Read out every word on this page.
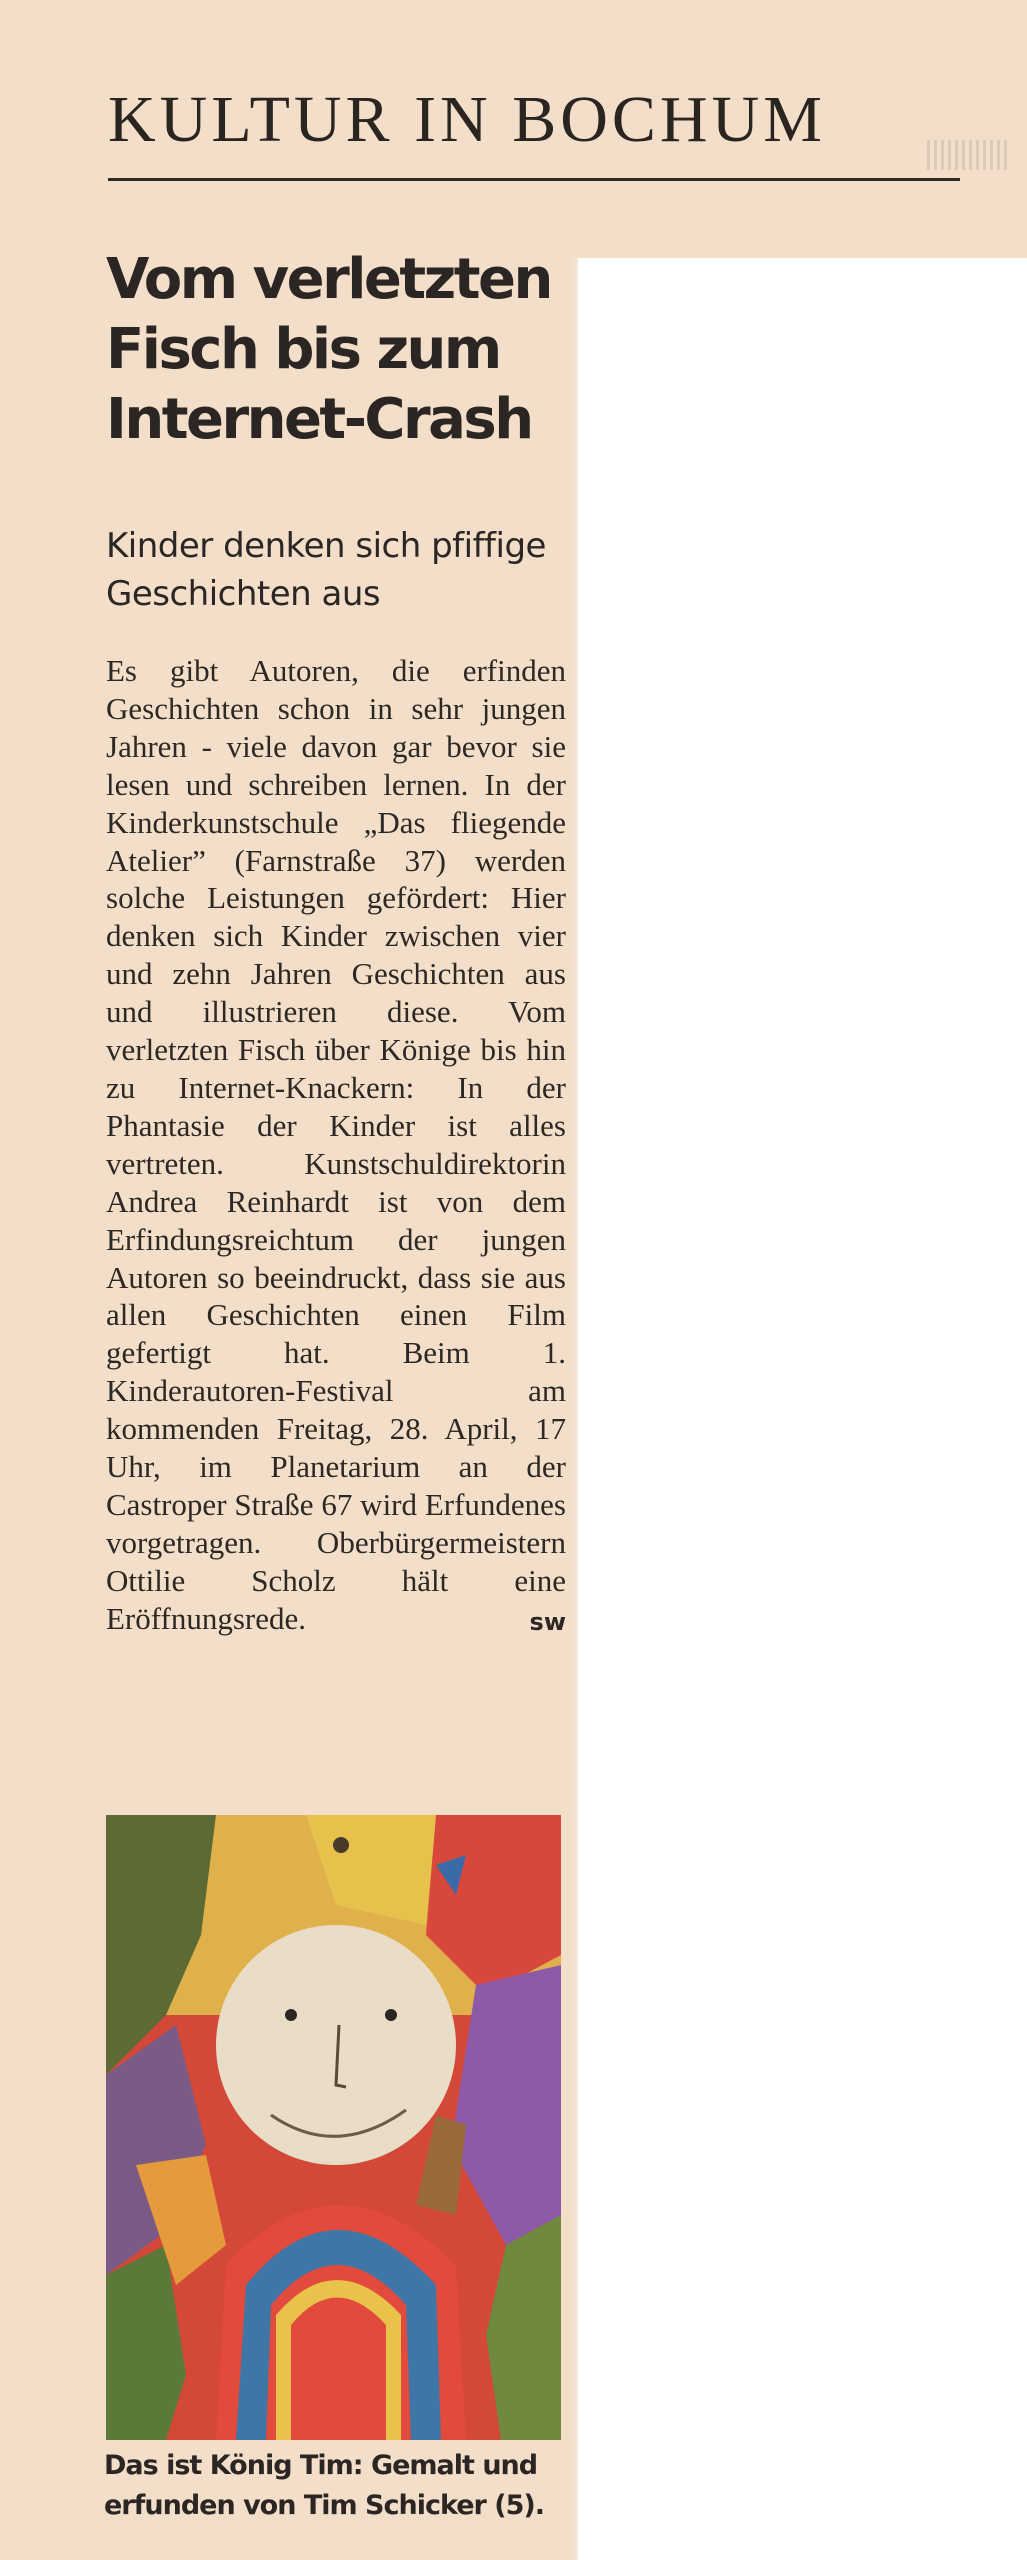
KULTUR IN BOCHUM
Vom verletzten Fisch bis zum Internet-Crash
Kinder denken sich pfiffige Geschichten aus

Es gibt Autoren, die erfinden Geschichten schon in sehr jungen Jahren - viele davon gar bevor sie lesen und schreiben lernen. In der Kinderkunstschule „Das fliegende Atelier” (Farnstraße 37) werden solche Leistungen gefördert: Hier denken sich Kinder zwischen vier und zehn Jahren Geschichten aus und illustrieren diese. Vom verletzten Fisch über Könige bis hin zu Internet-Knackern: In der Phantasie der Kinder ist alles vertreten. Kunstschuldirektorin Andrea Reinhardt ist von dem Erfindungsreichtum der jungen Autoren so beeindruckt, dass sie aus allen Geschichten einen Film gefertigt hat. Beim 1. Kinderautoren-Festival am kommenden Freitag, 28. April, 17 Uhr, im Planetarium an der Castroper Straße 67 wird Erfundenes vorgetragen. Oberbürgermeistern Ottilie Scholz hält eine Eröffnungsrede.	sw

Das ist König Tim: Gemalt und erfunden von Tim Schicker (5).
